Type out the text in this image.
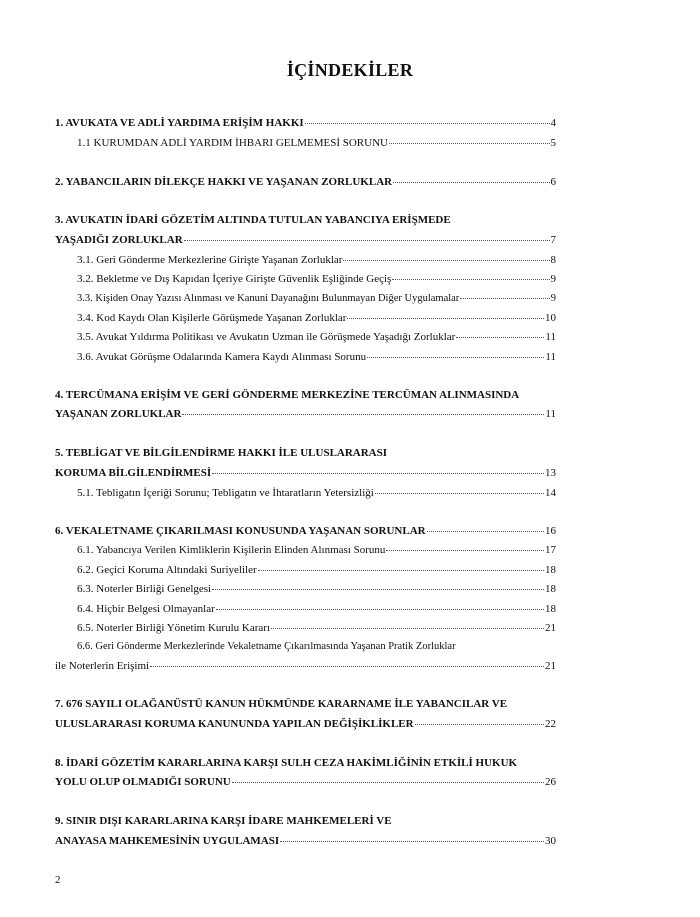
İÇİNDEKİLER
1. AVUKATA VE ADLİ YARDIMA ERİŞİM HAKKI	4
1.1 KURUMDAN ADLİ YARDIM İHBARI GELMEMESİ SORUNU	5
2. YABANCILARIN DİLEKÇE HAKKI VE YAŞANAN ZORLUKLAR	6
3. AVUKATIN İDARİ GÖZETİM ALTINDA TUTULAN YABANCIYA ERİŞMEDE
YAŞADIĞI ZORLUKLAR	7
3.1. Geri Gönderme Merkezlerine Girişte Yaşanan Zorluklar	8
3.2. Bekletme ve Dış Kapıdan İçeriye Girişte Güvenlik Eşliğinde Geçiş	9
3.3. Kişiden Onay Yazısı Alınması ve Kanuni Dayanağını Bulunmayan Diğer Uygulamalar	9
3.4. Kod Kaydı Olan Kişilerle Görüşmede Yaşanan Zorluklar	10
3.5. Avukat Yıldırma Politikası ve Avukatın Uzman ile Görüşmede Yaşadığı Zorluklar	11
3.6. Avukat Görüşme Odalarında Kamera Kaydı Alınması Sorunu	11
4. TERCÜMANA ERİŞİM VE GERİ GÖNDERME MERKEZİNE TERCÜMAN ALINMASINDA
YAŞANAN ZORLUKLAR	11
5. TEBLİGAT VE BİLGİLENDİRME HAKKI İLE ULUSLARARASI
KORUMA BİLGİLENDİRMESİ	13
5.1. Tebligatın İçeriği Sorunu; Tebligatın ve İhtaratların Yetersizliği	14
6. VEKALETNAME ÇIKARILMASI KONUSUNDA YAŞANAN SORUNLAR	16
6.1. Yabancıya Verilen Kimliklerin Kişilerin Elinden Alınması Sorunu	17
6.2. Geçici Koruma Altındaki Suriyeliler	18
6.3. Noterler Birliği Genelgesi	18
6.4. Hiçbir Belgesi Olmayanlar	18
6.5. Noterler Birliği Yönetim Kurulu Kararı	21
6.6. Geri Gönderme Merkezlerinde Vekaletname Çıkarılmasında Yaşanan Pratik Zorluklar
ile Noterlerin Erişimi	21
7. 676 SAYILI OLAĞANÜSTÜ KANUN HÜKMÜNDE KARARNAME İLE YABANCILAR VE
ULUSLARARASI KORUMA KANUNUNDA YAPILAN DEĞİŞİKLİKLER	22
8. İDARİ GÖZETİM KARARLARINA KARŞI SULH CEZA HAKİMLİĞİNİN ETKİLİ HUKUK
YOLU OLUP OLMADIĞI SORUNU	26
9. SINIR DIŞI KARARLARINA KARŞI İDARE MAHKEMELERİ VE
ANAYASA MAHKEMESİNİN UYGULAMASI	30
2
